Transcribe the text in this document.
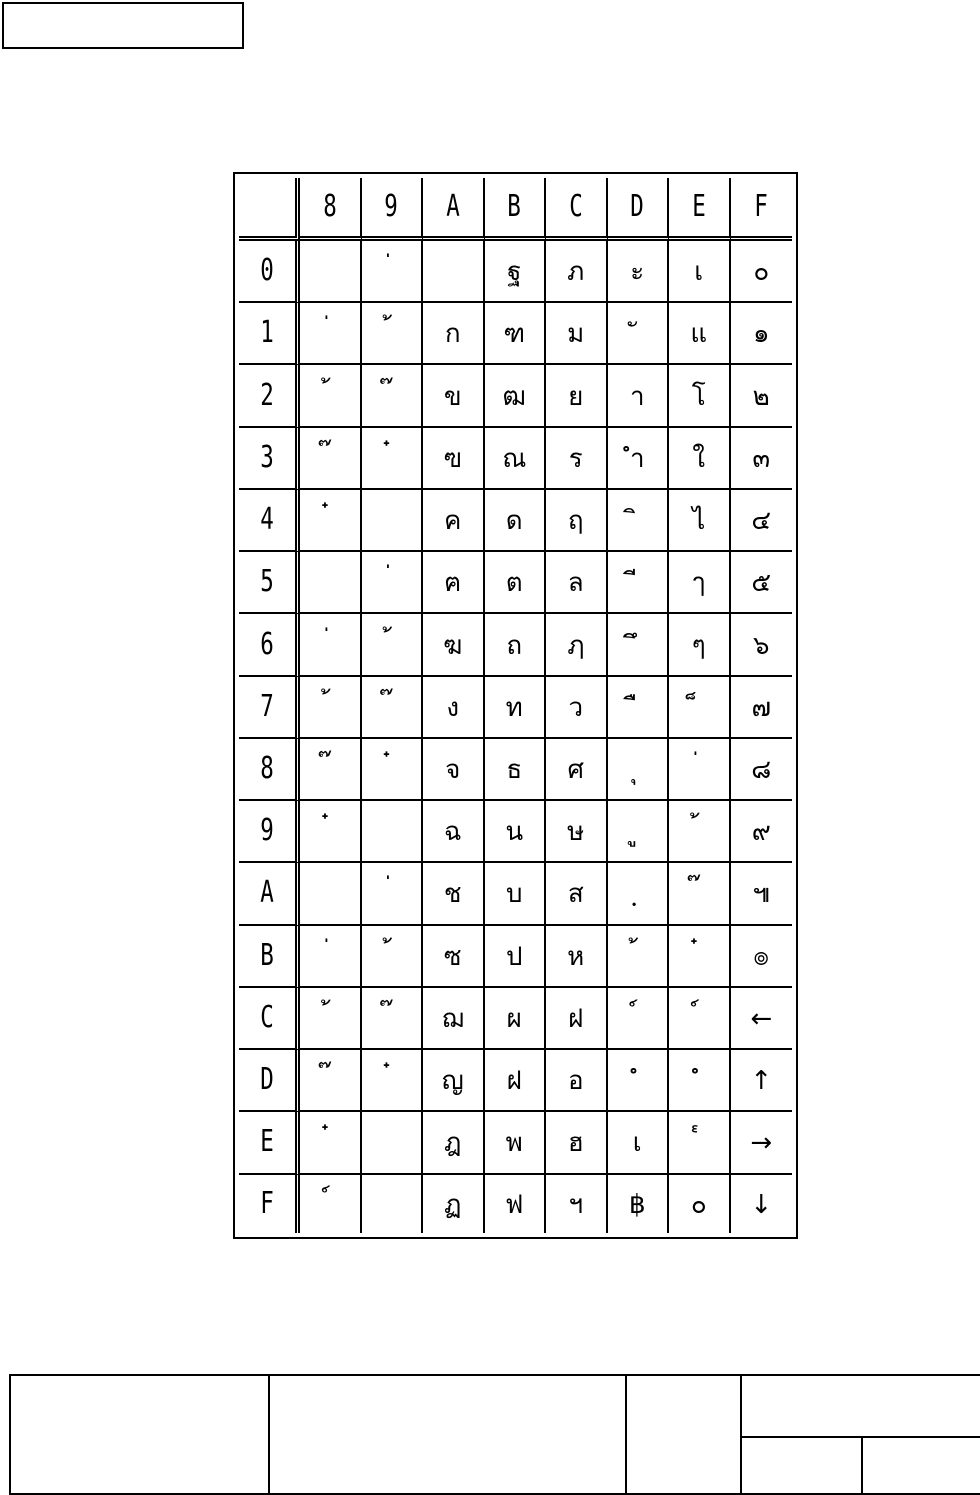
	8	9	A	B	C	D	E	F
0				ฐ	ภ	ะ	เ	๐
1			ก	ฑ	ม		แ	๑
2			ข	ฒ	ย	า	โ	๒
3			ฃ	ณ	ร	ำ	ใ	๓
4			ค	ด	ฤ		ไ	๔
5			ฅ	ต	ล		ๅ	๕
6			ฆ	ถ	ฦ		ๆ	๖
7			ง	ท	ว			๗
8			จ	ธ	ศ			๘
9			ฉ	น	ษ			๙
A			ช	บ	ส			๚
B			ซ	ป	ห			๏
C			ฌ	ผ	ฝ			←
D			ญ	ฝ	อ			↑
E			ฎ	พ	ฮ	เ		→
F			ฏ	ฟ	ฯ	฿	๐	↓
